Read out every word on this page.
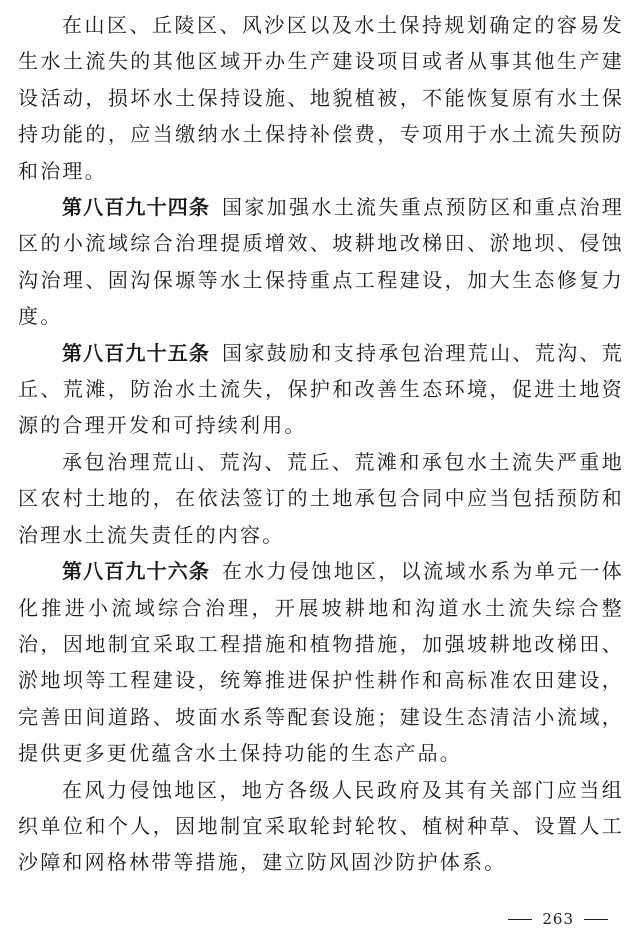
在山区、丘陵区、风沙区以及水土保持规划确定的容易发生水土流失的其他区域开办生产建设项目或者从事其他生产建设活动，损坏水土保持设施、地貌植被，不能恢复原有水土保持功能的，应当缴纳水土保持补偿费，专项用于水土流失预防和治理。

第八百九十四条 国家加强水土流失重点预防区和重点治理区的小流域综合治理提质增效、坡耕地改梯田、淤地坝、侵蚀沟治理、固沟保塬等水土保持重点工程建设，加大生态修复力度。

第八百九十五条 国家鼓励和支持承包治理荒山、荒沟、荒丘、荒滩，防治水土流失，保护和改善生态环境，促进土地资源的合理开发和可持续利用。

承包治理荒山、荒沟、荒丘、荒滩和承包水土流失严重地区农村土地的，在依法签订的土地承包合同中应当包括预防和治理水土流失责任的内容。

第八百九十六条 在水力侵蚀地区，以流域水系为单元一体化推进小流域综合治理，开展坡耕地和沟道水土流失综合整治，因地制宜采取工程措施和植物措施，加强坡耕地改梯田、淤地坝等工程建设，统筹推进保护性耕作和高标准农田建设，完善田间道路、坡面水系等配套设施；建设生态清洁小流域，提供更多更优蕴含水土保持功能的生态产品。

在风力侵蚀地区，地方各级人民政府及其有关部门应当组织单位和个人，因地制宜采取轮封轮牧、植树种草、设置人工沙障和网格林带等措施，建立防风固沙防护体系。

263
